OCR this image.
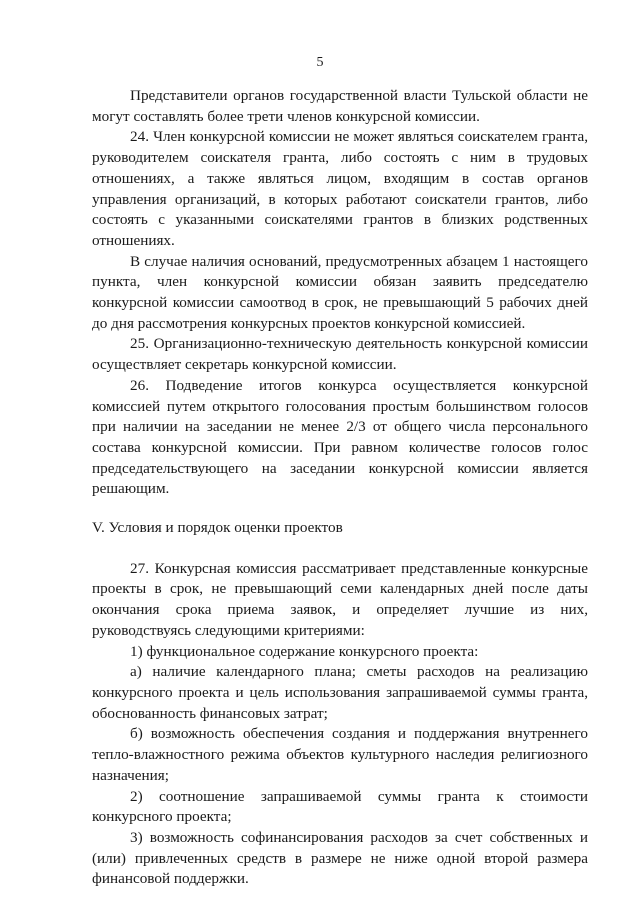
5

Представители органов государственной власти Тульской области не могут составлять более трети членов конкурсной комиссии.

24. Член конкурсной комиссии не может являться соискателем гранта, руководителем соискателя гранта, либо состоять с ним в трудовых отношениях, а также являться лицом, входящим в состав органов управления организаций, в которых работают соискатели грантов, либо состоять с указанными соискателями грантов в близких родственных отношениях.

В случае наличия оснований, предусмотренных абзацем 1 настоящего пункта, член конкурсной комиссии обязан заявить председателю конкурсной комиссии самоотвод в срок, не превышающий 5 рабочих дней до дня рассмотрения конкурсных проектов конкурсной комиссией.

25. Организационно-техническую деятельность конкурсной комиссии осуществляет секретарь конкурсной комиссии.

26. Подведение итогов конкурса осуществляется конкурсной комиссией путем открытого голосования простым большинством голосов при наличии на заседании не менее 2/3 от общего числа персонального состава конкурсной комиссии. При равном количестве голосов голос председательствующего на заседании конкурсной комиссии является решающим.

V. Условия и порядок оценки проектов

27. Конкурсная комиссия рассматривает представленные конкурсные проекты в срок, не превышающий семи календарных дней после даты окончания срока приема заявок, и определяет лучшие из них, руководствуясь следующими критериями:

1) функциональное содержание конкурсного проекта:

а) наличие календарного плана; сметы расходов на реализацию конкурсного проекта и цель использования запрашиваемой суммы гранта, обоснованность финансовых затрат;

б) возможность обеспечения создания и поддержания внутреннего тепло-влажностного режима объектов культурного наследия религиозного назначения;

2) соотношение запрашиваемой суммы гранта к стоимости конкурсного проекта;

3) возможность софинансирования расходов за счет собственных и (или) привлеченных средств в размере не ниже одной второй размера финансовой поддержки.
